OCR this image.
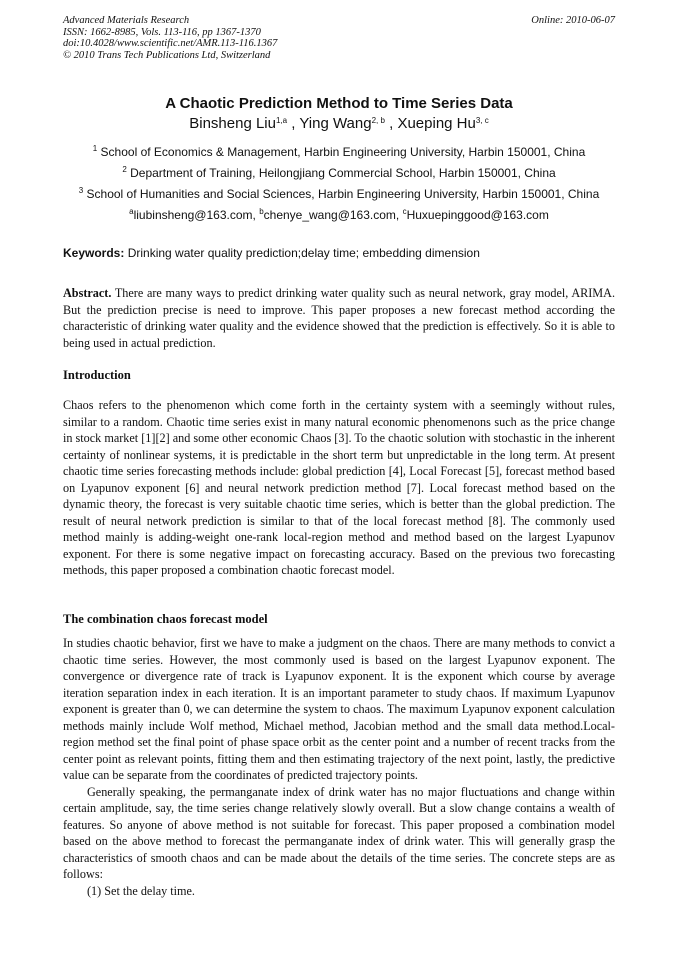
Advanced Materials Research
ISSN: 1662-8985, Vols. 113-116, pp 1367-1370
doi:10.4028/www.scientific.net/AMR.113-116.1367
© 2010 Trans Tech Publications Ltd, Switzerland
Online: 2010-06-07
A Chaotic Prediction Method to Time Series Data
Binsheng Liu$^{1,a}$ , Ying Wang$^{2, b}$ , Xueping Hu$^{3, c}$
$^1$ School of Economics & Management, Harbin Engineering University, Harbin 150001, China
$^2$ Department of Training, Heilongjiang Commercial School, Harbin 150001, China
$^3$ School of Humanities and Social Sciences, Harbin Engineering University, Harbin 150001, China
$^a$liubinsheng@163.com, $^b$chenye_wang@163.com, $^c$Huxuepinggood@163.com
Keywords: Drinking water quality prediction;delay time; embedding dimension
Abstract. There are many ways to predict drinking water quality such as neural network, gray model, ARIMA. But the prediction precise is need to improve. This paper proposes a new forecast method according the characteristic of drinking water quality and the evidence showed that the prediction is effectively. So it is able to being used in actual prediction.
Introduction
Chaos refers to the phenomenon which come forth in the certainty system with a seemingly without rules, similar to a random. Chaotic time series exist in many natural economic phenomenons such as the price change in stock market [1][2] and some other economic Chaos [3]. To the chaotic solution with stochastic in the inherent certainty of nonlinear systems, it is predictable in the short term but unpredictable in the long term. At present chaotic time series forecasting methods include: global prediction [4], Local Forecast [5], forecast method based on Lyapunov exponent [6] and neural network prediction method [7]. Local forecast method based on the dynamic theory, the forecast is very suitable chaotic time series, which is better than the global prediction. The result of neural network prediction is similar to that of the local forecast method [8]. The commonly used method mainly is adding-weight one-rank local-region method and method based on the largest Lyapunov exponent. For there is some negative impact on forecasting accuracy. Based on the previous two forecasting methods, this paper proposed a combination chaotic forecast model.
The combination chaos forecast model

In studies chaotic behavior, first we have to make a judgment on the chaos. There are many methods to convict a chaotic time series. However, the most commonly used is based on the largest Lyapunov exponent. The convergence or divergence rate of track is Lyapunov exponent. It is the exponent which course by average iteration separation index in each iteration. It is an important parameter to study chaos. If maximum Lyapunov exponent is greater than 0, we can determine the system to chaos. The maximum Lyapunov exponent calculation methods mainly include Wolf method, Michael method, Jacobian method and the small data method.Local-region method set the final point of phase space orbit as the center point and a number of recent tracks from the center point as relevant points, fitting them and then estimating trajectory of the next point, lastly, the predictive value can be separate from the coordinates of predicted trajectory points.

Generally speaking, the permanganate index of drink water has no major fluctuations and change within certain amplitude, say, the time series change relatively slowly overall. But a slow change contains a wealth of features. So anyone of above method is not suitable for forecast. This paper proposed a combination model based on the above method to forecast the permanganate index of drink water. This will generally grasp the characteristics of smooth chaos and can be made about the details of the time series. The concrete steps are as follows:

(1) Set the delay time.
